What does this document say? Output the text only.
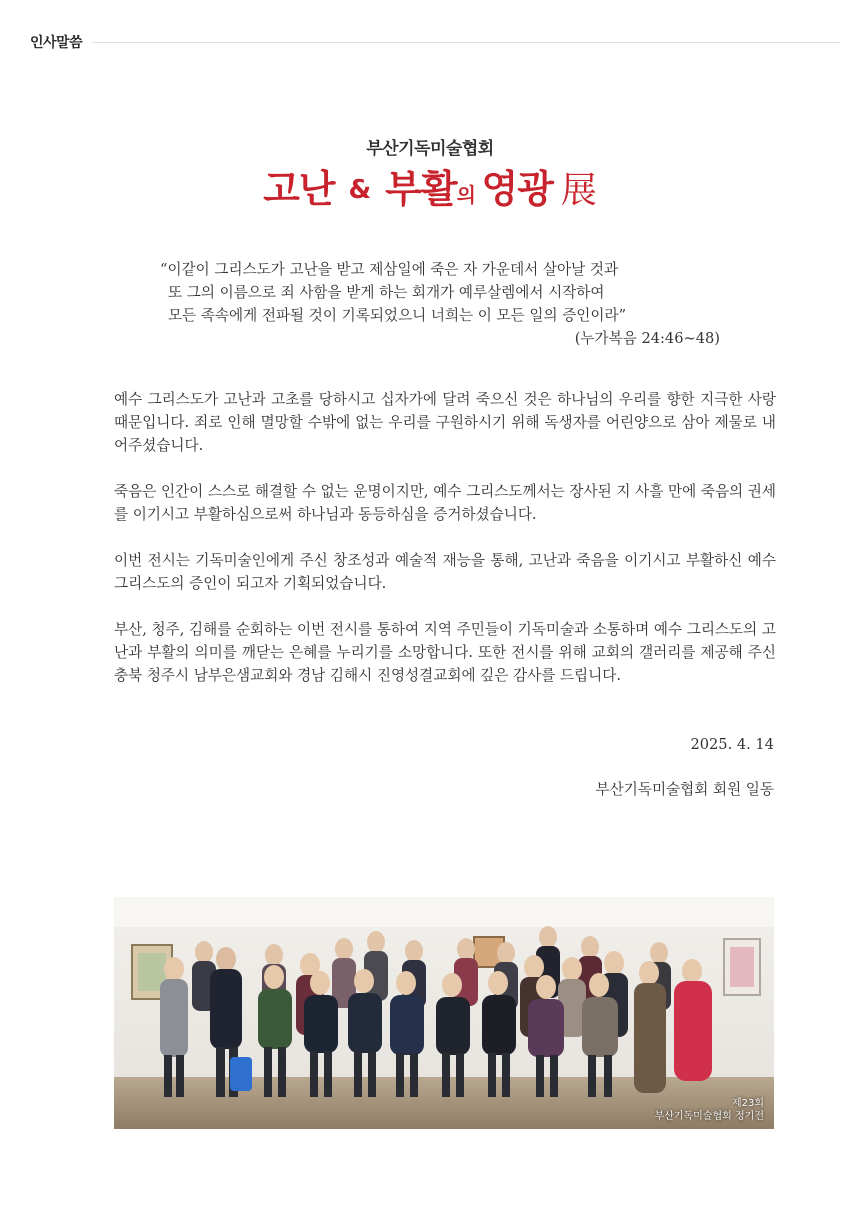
인사말씀
부산기독미술협회
고난 & 부활의 영광 展
“이같이 그리스도가 고난을 받고 제삼일에 죽은 자 가운데서 살아날 것과
또 그의 이름으로 죄 사함을 받게 하는 회개가 예루살렘에서 시작하여
모든 족속에게 전파될 것이 기록되었으니 너희는 이 모든 일의 증인이라”
(누가복음 24:46~48)

예수 그리스도가 고난과 고초를 당하시고 십자가에 달려 죽으신 것은 하나님의 우리를 향한 지극한 사랑 때문입니다. 죄로 인해 멸망할 수밖에 없는 우리를 구원하시기 위해 독생자를 어린양으로 삼아 제물로 내어주셨습니다.

죽음은 인간이 스스로 해결할 수 없는 운명이지만, 예수 그리스도께서는 장사된 지 사흘 만에 죽음의 권세를 이기시고 부활하심으로써 하나님과 동등하심을 증거하셨습니다.

이번 전시는 기독미술인에게 주신 창조성과 예술적 재능을 통해, 고난과 죽음을 이기시고 부활하신 예수 그리스도의 증인이 되고자 기획되었습니다.

부산, 청주, 김해를 순회하는 이번 전시를 통하여 지역 주민들이 기독미술과 소통하며 예수 그리스도의 고난과 부활의 의미를 깨닫는 은혜를 누리기를 소망합니다. 또한 전시를 위해 교회의 갤러리를 제공해 주신 충북 청주시 남부은샘교회와 경남 김해시 진영성결교회에 깊은 감사를 드립니다.

2025. 4. 14
부산기독미술협회 회원 일동
제23회
부산기독미술협회 정기전
